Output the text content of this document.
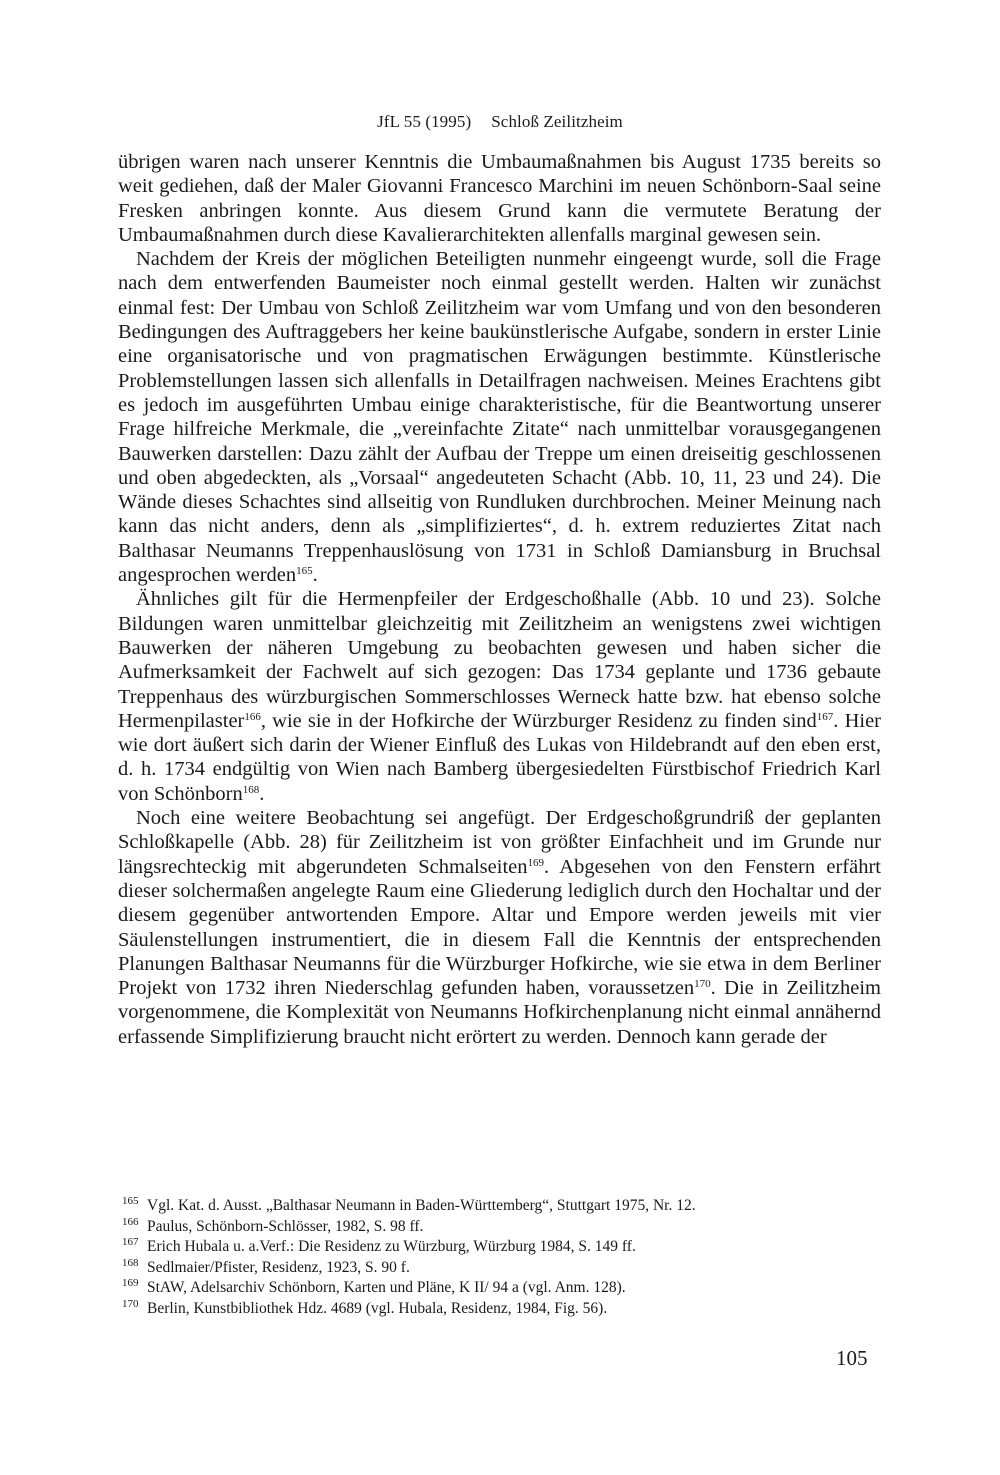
JfL 55 (1995) Schloß Zeilitzheim

übrigen waren nach unserer Kenntnis die Umbaumaßnahmen bis August 1735 bereits so weit gediehen, daß der Maler Giovanni Francesco Marchini im neuen Schönborn-Saal seine Fresken anbringen konnte. Aus diesem Grund kann die vermutete Beratung der Umbaumaßnahmen durch diese Kavalierarchitekten allenfalls marginal gewesen sein.

Nachdem der Kreis der möglichen Beteiligten nunmehr eingeengt wurde, soll die Frage nach dem entwerfenden Baumeister noch einmal gestellt werden. Halten wir zunächst einmal fest: Der Umbau von Schloß Zeilitzheim war vom Umfang und von den besonderen Bedingungen des Auftraggebers her keine baukünstlerische Aufgabe, sondern in erster Linie eine organisatorische und von pragmatischen Erwägungen bestimmte. Künstlerische Problemstellungen lassen sich allenfalls in Detailfragen nachweisen. Meines Erachtens gibt es jedoch im ausgeführten Umbau einige charakteristische, für die Beantwortung unserer Frage hilfreiche Merkmale, die „vereinfachte Zitate“ nach unmittelbar vorausgegangenen Bauwerken darstellen: Dazu zählt der Aufbau der Treppe um einen dreiseitig geschlossenen und oben abgedeckten, als „Vorsaal“ angedeuteten Schacht (Abb. 10, 11, 23 und 24). Die Wände dieses Schachtes sind allseitig von Rundluken durchbrochen. Meiner Meinung nach kann das nicht anders, denn als „simplifiziertes“, d. h. extrem reduziertes Zitat nach Balthasar Neumanns Treppenhauslösung von 1731 in Schloß Damiansburg in Bruchsal angesprochen werden$^{165}$.

Ähnliches gilt für die Hermenpfeiler der Erdgeschoßhalle (Abb. 10 und 23). Solche Bildungen waren unmittelbar gleichzeitig mit Zeilitzheim an wenigstens zwei wichtigen Bauwerken der näheren Umgebung zu beobachten gewesen und haben sicher die Aufmerksamkeit der Fachwelt auf sich gezogen: Das 1734 geplante und 1736 gebaute Treppenhaus des würzburgischen Sommerschlosses Werneck hatte bzw. hat ebenso solche Hermenpilaster$^{166}$, wie sie in der Hofkirche der Würzburger Residenz zu finden sind$^{167}$. Hier wie dort äußert sich darin der Wiener Einfluß des Lukas von Hildebrandt auf den eben erst, d. h. 1734 endgültig von Wien nach Bamberg übergesiedelten Fürstbischof Friedrich Karl von Schönborn$^{168}$.

Noch eine weitere Beobachtung sei angefügt. Der Erdgeschoßgrundriß der geplanten Schloßkapelle (Abb. 28) für Zeilitzheim ist von größter Einfachheit und im Grunde nur längsrechteckig mit abgerundeten Schmalseiten$^{169}$. Abgesehen von den Fenstern erfährt dieser solchermaßen angelegte Raum eine Gliederung lediglich durch den Hochaltar und der diesem gegenüber antwortenden Empore. Altar und Empore werden jeweils mit vier Säulenstellungen instrumentiert, die in diesem Fall die Kenntnis der entsprechenden Planungen Balthasar Neumanns für die Würzburger Hofkirche, wie sie etwa in dem Berliner Projekt von 1732 ihren Niederschlag gefunden haben, voraussetzen$^{170}$. Die in Zeilitzheim vorgenommene, die Komplexität von Neumanns Hofkirchenplanung nicht einmal annähernd erfassende Simplifizierung braucht nicht erörtert zu werden. Dennoch kann gerade der

165 Vgl. Kat. d. Ausst. „Balthasar Neumann in Baden-Württemberg“, Stuttgart 1975, Nr. 12.
166 Paulus, Schönborn-Schlösser, 1982, S. 98 ff.
167 Erich Hubala u. a.Verf.: Die Residenz zu Würzburg, Würzburg 1984, S. 149 ff.
168 Sedlmaier/Pfister, Residenz, 1923, S. 90 f.
169 StAW, Adelsarchiv Schönborn, Karten und Pläne, K II/ 94 a (vgl. Anm. 128).
170 Berlin, Kunstbibliothek Hdz. 4689 (vgl. Hubala, Residenz, 1984, Fig. 56).
105
